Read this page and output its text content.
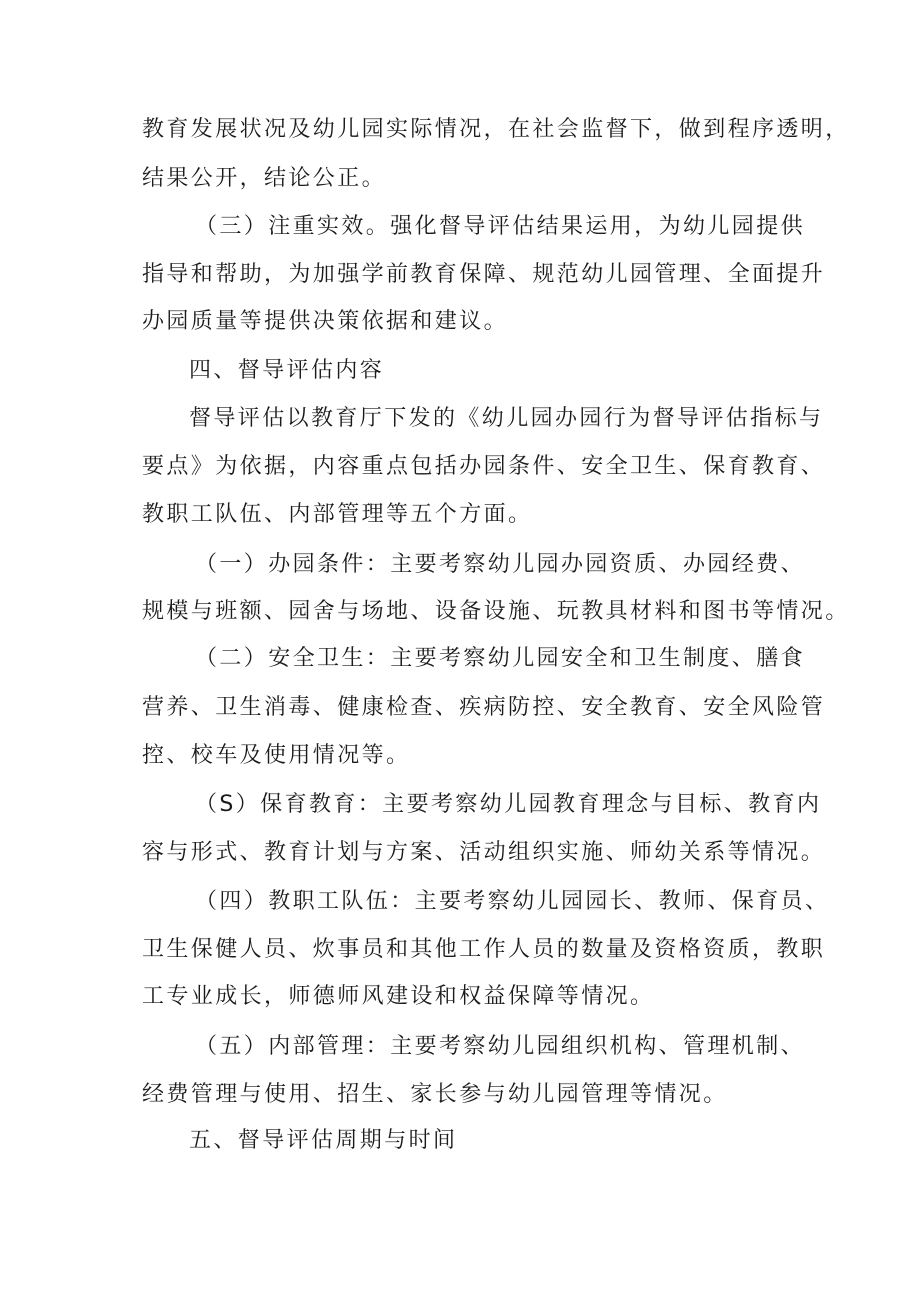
教育发展状况及幼儿园实际情况，在社会监督下，做到程序透明，
结果公开，结论公正。
（三）注重实效。强化督导评估结果运用，为幼儿园提供
指导和帮助，为加强学前教育保障、规范幼儿园管理、全面提升
办园质量等提供决策依据和建议。
四、督导评估内容
督导评估以教育厅下发的《幼儿园办园行为督导评估指标与
要点》为依据，内容重点包括办园条件、安全卫生、保育教育、
教职工队伍、内部管理等五个方面。
（一）办园条件：主要考察幼儿园办园资质、办园经费、
规模与班额、园舍与场地、设备设施、玩教具材料和图书等情况。
（二）安全卫生：主要考察幼儿园安全和卫生制度、膳食
营养、卫生消毒、健康检查、疾病防控、安全教育、安全风险管
控、校车及使用情况等。
（S）保育教育：主要考察幼儿园教育理念与目标、教育内
容与形式、教育计划与方案、活动组织实施、师幼关系等情况。
（四）教职工队伍：主要考察幼儿园园长、教师、保育员、
卫生保健人员、炊事员和其他工作人员的数量及资格资质，教职
工专业成长，师德师风建设和权益保障等情况。
（五）内部管理：主要考察幼儿园组织机构、管理机制、
经费管理与使用、招生、家长参与幼儿园管理等情况。
五、督导评估周期与时间
